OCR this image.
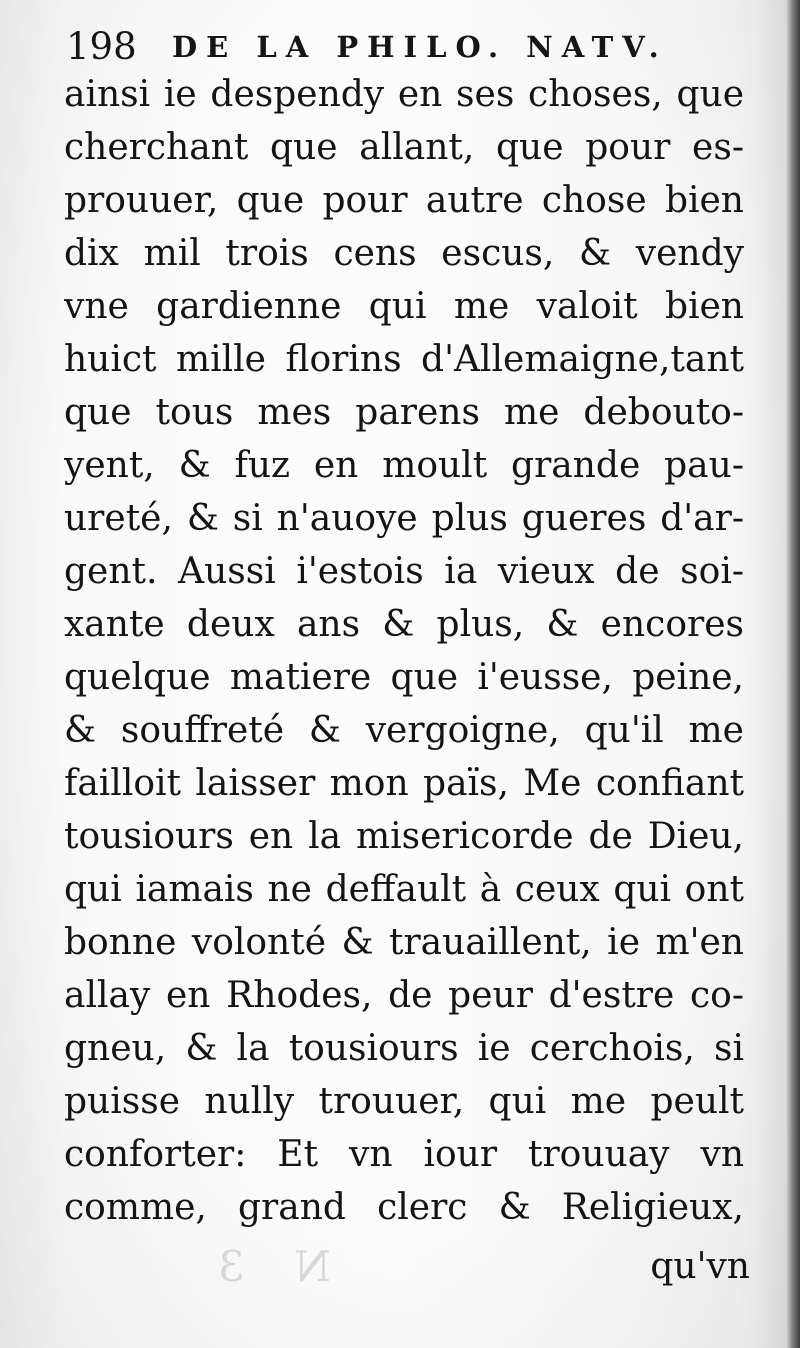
198 DE LA PHILO. NATV.
ainsi ie despendy en ses choses, que
cherchant que allant, que pour es-
prouuer, que pour autre chose bien
dix mil trois cens escus, & vendy
vne gardienne qui me valoit bien
huict mille florins d'Allemaigne,tant
que tous mes parens me debouto-
yent, & fuz en moult grande pau-
ureté, & si n'auoye plus gueres d'ar-
gent. Aussi i'estois ia vieux de soi-
xante deux ans & plus, & encores
quelque matiere que i'eusse, peine,
& souffreté & vergoigne, qu'il me
failloit laisser mon païs, Me confiant
tousiours en la misericorde de Dieu,
qui iamais ne deffault à ceux qui ont
bonne volonté & trauaillent, ie m'en
allay en Rhodes, de peur d'estre co-
gneu, & la tousiours ie cerchois, si
puisse nully trouuer, qui me peult
conforter: Et vn iour trouuay vn
comme, grand clerc & Religieux,
N 3	qu'vn
